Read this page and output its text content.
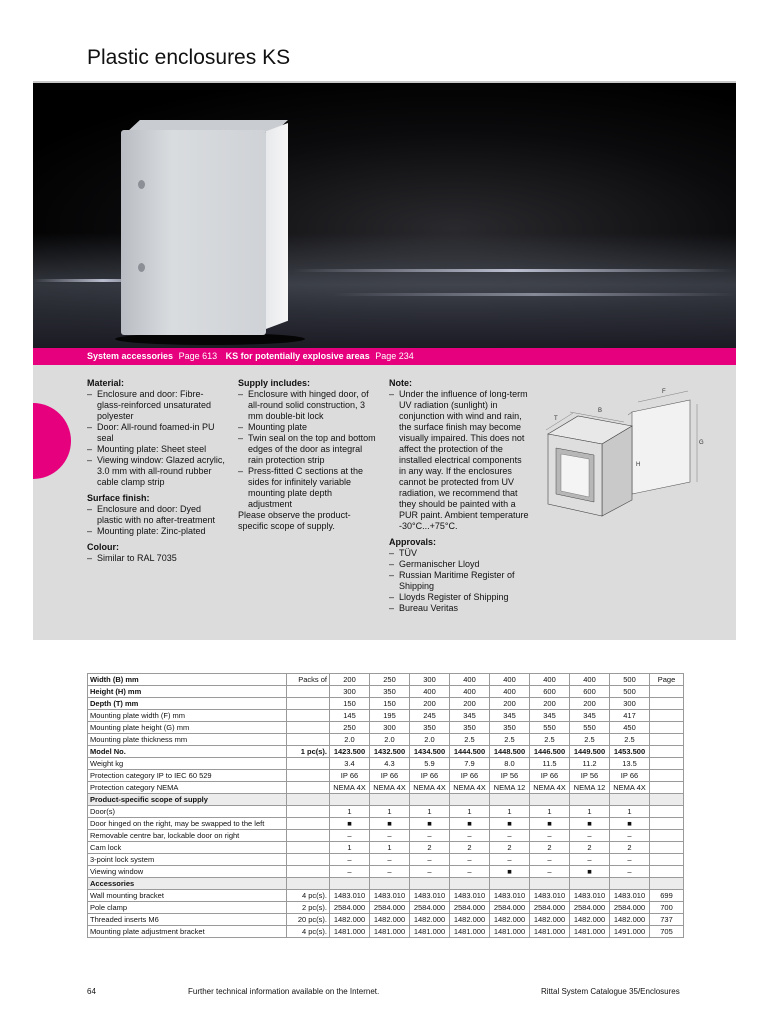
Plastic enclosures KS
System accessories Page 613 KS for potentially explosive areas Page 234
Material:
– Enclosure and door: Fibre-glass-reinforced unsaturated polyester
– Door: All-round foamed-in PU seal
– Mounting plate: Sheet steel
– Viewing window: Glazed acrylic, 3.0 mm with all-round rubber cable clamp strip
Surface finish:
– Enclosure and door: Dyed plastic with no after-treatment
– Mounting plate: Zinc-plated
Colour:
– Similar to RAL 7035
Supply includes:
– Enclosure with hinged door, of all-round solid construction, 3 mm double-bit lock
– Mounting plate
– Twin seal on the top and bottom edges of the door as integral rain protection strip
– Press-fitted C sections at the sides for infinitely variable mounting plate depth adjustment

Please observe the product-specific scope of supply.

Note:
– Under the influence of long-term UV radiation (sunlight) in conjunction with wind and rain, the surface finish may become visually impaired. This does not affect the protection of the installed electrical components in any way. If the enclosures cannot be protected from UV radiation, we recommend that they should be painted with a PUR paint. Ambient temperature -30°C...+75°C.
Approvals:
– TÜV
– Germanischer Lloyd
– Russian Maritime Register of Shipping
– Lloyds Register of Shipping
– Bureau Veritas
B
F
T
G
H
Width (B) mm	Packs of	200	250	300	400	400	400	400	500	Page
Height (H) mm		300	350	400	400	400	600	600	500	
Depth (T) mm		150	150	200	200	200	200	200	300	
Mounting plate width (F) mm		145	195	245	345	345	345	345	417	
Mounting plate height (G) mm		250	300	350	350	350	550	550	450	
Mounting plate thickness mm		2.0	2.0	2.0	2.5	2.5	2.5	2.5	2.5	
Model No.	1 pc(s).	1423.500	1432.500	1434.500	1444.500	1448.500	1446.500	1449.500	1453.500	
Weight kg		3.4	4.3	5.9	7.9	8.0	11.5	11.2	13.5	
Protection category IP to IEC 60 529		IP 66	IP 66	IP 66	IP 66	IP 56	IP 66	IP 56	IP 66	
Protection category NEMA		NEMA 4X	NEMA 4X	NEMA 4X	NEMA 4X	NEMA 12	NEMA 4X	NEMA 12	NEMA 4X	
Product-specific scope of supply										
Door(s)		1	1	1	1	1	1	1	1	
Door hinged on the right, may be swapped to the left		■	■	■	■	■	■	■	■	
Removable centre bar, lockable door on right		–	–	–	–	–	–	–	–	
Cam lock		1	1	2	2	2	2	2	2	
3-point lock system		–	–	–	–	–	–	–	–	
Viewing window		–	–	–	–	■	–	■	–	
Accessories										
Wall mounting bracket	4 pc(s).	1483.010	1483.010	1483.010	1483.010	1483.010	1483.010	1483.010	1483.010	699
Pole clamp	2 pc(s).	2584.000	2584.000	2584.000	2584.000	2584.000	2584.000	2584.000	2584.000	700
Threaded inserts M6	20 pc(s).	1482.000	1482.000	1482.000	1482.000	1482.000	1482.000	1482.000	1482.000	737
Mounting plate adjustment bracket	4 pc(s).	1481.000	1481.000	1481.000	1481.000	1481.000	1481.000	1481.000	1491.000	705
64	Further technical information available on the Internet.	Rittal System Catalogue 35/Enclosures
